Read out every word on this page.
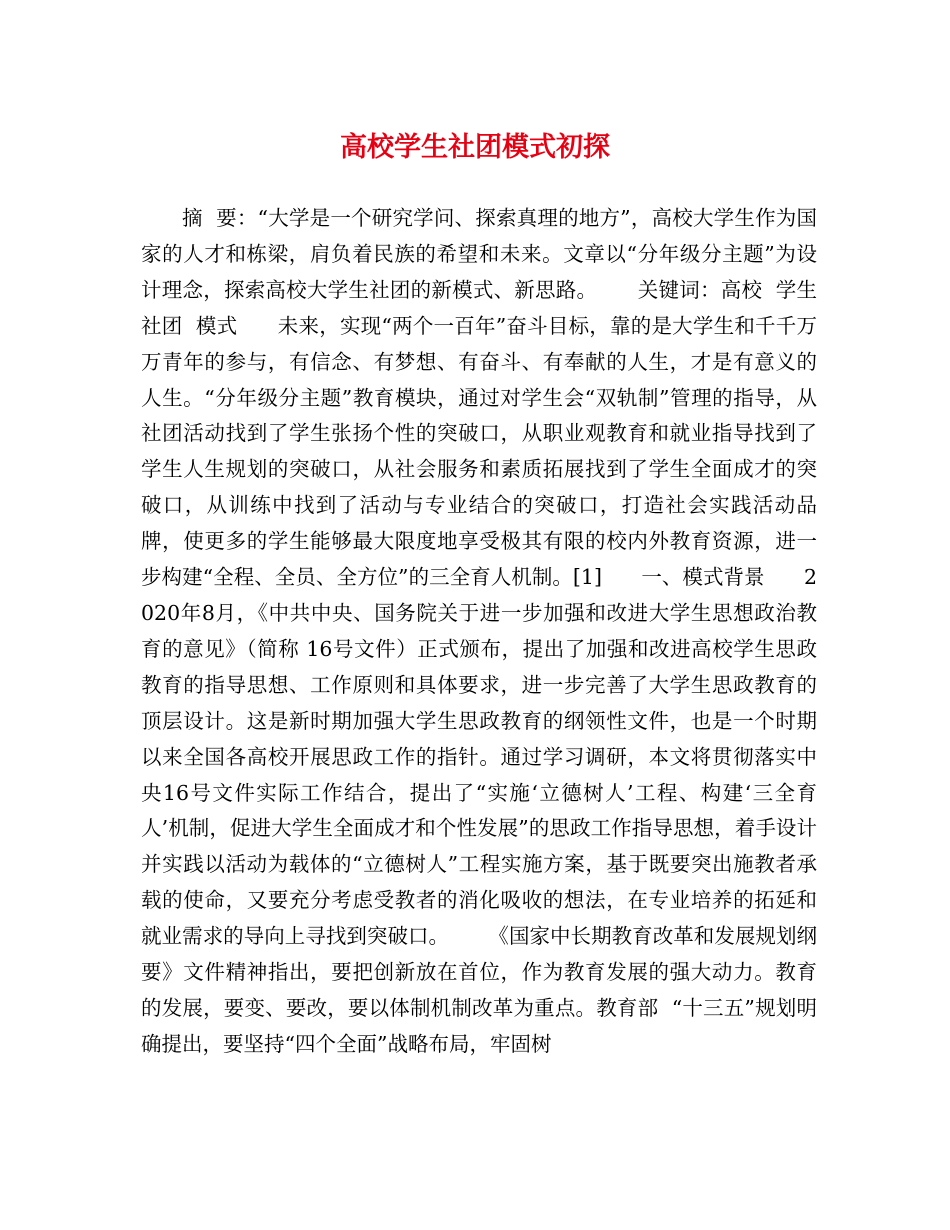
高校学生社团模式初探

摘  要：“大学是一个研究学问、探索真理的地方”，高校大学生作为国家的人才和栋梁，肩负着民族的希望和未来。文章以“分年级分主题”为设计理念，探索高校大学生社团的新模式、新思路。      关键词：高校  学生社团  模式      未来，实现“两个一百年”奋斗目标，靠的是大学生和千千万万青年的参与，有信念、有梦想、有奋斗、有奉献的人生，才是有意义的人生。“分年级分主题”教育模块，通过对学生会“双轨制”管理的指导，从社团活动找到了学生张扬个性的突破口，从职业观教育和就业指导找到了学生人生规划的突破口，从社会服务和素质拓展找到了学生全面成才的突破口，从训练中找到了活动与专业结合的突破口，打造社会实践活动品牌，使更多的学生能够最大限度地享受极其有限的校内外教育资源，进一步构建“全程、全员、全方位”的三全育人机制。[1]      一、模式背景      2020年8月，《中共中央、国务院关于进一步加强和改进大学生思想政治教育的意见》（简称 16号文件）正式颁布，提出了加强和改进高校学生思政教育的指导思想、工作原则和具体要求，进一步完善了大学生思政教育的顶层设计。这是新时期加强大学生思政教育的纲领性文件，也是一个时期以来全国各高校开展思政工作的指针。通过学习调研，本文将贯彻落实中央16号文件实际工作结合，提出了“实施‘立德树人’工程、构建‘三全育人’机制，促进大学生全面成才和个性发展”的思政工作指导思想，着手设计并实践以活动为载体的“立德树人”工程实施方案，基于既要突出施教者承载的使命，又要充分考虑受教者的消化吸收的想法，在专业培养的拓延和就业需求的导向上寻找到突破口。      《国家中长期教育改革和发展规划纲要》文件精神指出，要把创新放在首位，作为教育发展的强大动力。教育的发展，要变、要改，要以体制机制改革为重点。教育部  “十三五”规划明确提出，要坚持“四个全面”战略布局，牢固树
